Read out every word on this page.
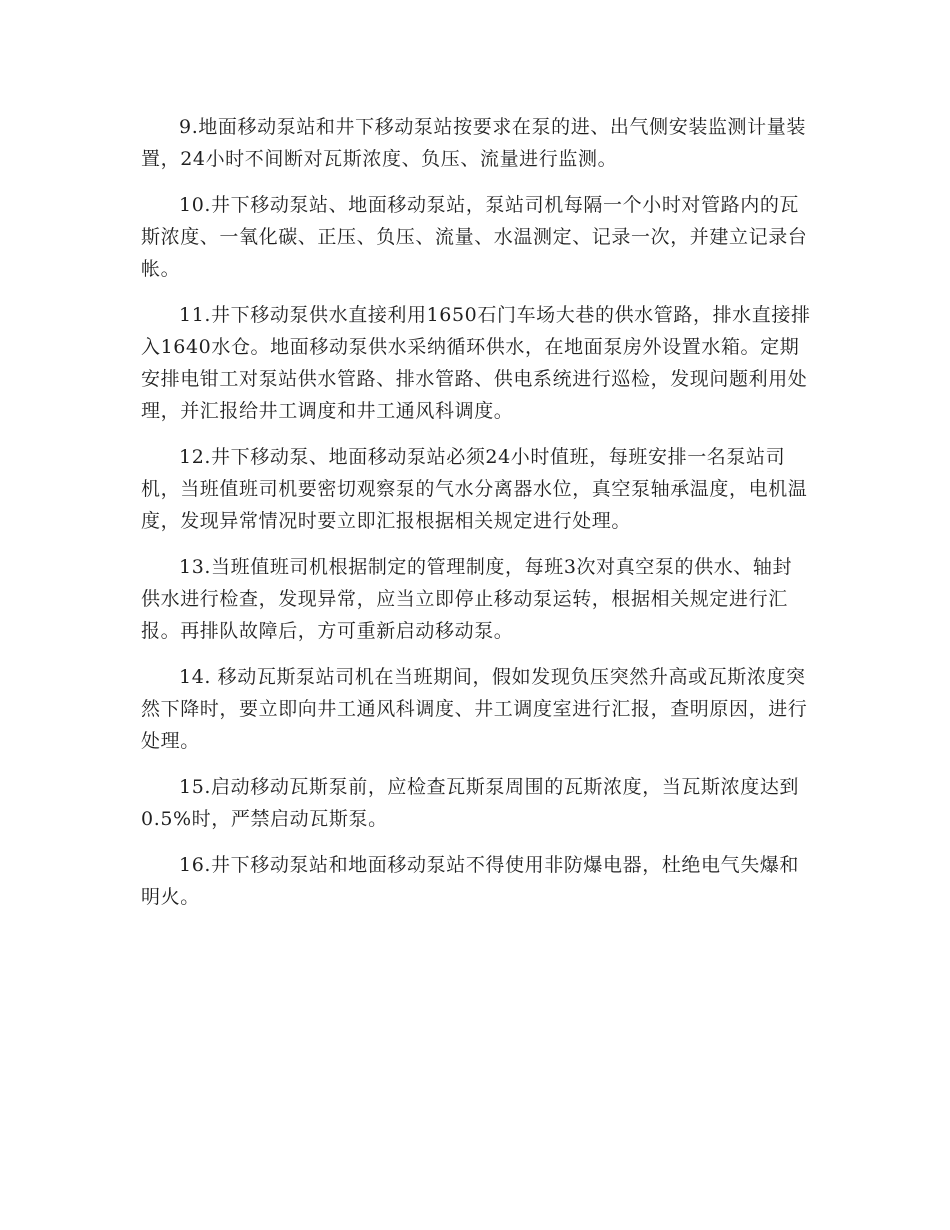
9.地面移动泵站和井下移动泵站按要求在泵的进、出气侧安装监测计量装置，24小时不间断对瓦斯浓度、负压、流量进行监测。

10.井下移动泵站、地面移动泵站，泵站司机每隔一个小时对管路内的瓦斯浓度、一氧化碳、正压、负压、流量、水温测定、记录一次，并建立记录台帐。

11.井下移动泵供水直接利用1650石门车场大巷的供水管路，排水直接排入1640水仓。地面移动泵供水采纳循环供水，在地面泵房外设置水箱。定期安排电钳工对泵站供水管路、排水管路、供电系统进行巡检，发现问题利用处理，并汇报给井工调度和井工通风科调度。

12.井下移动泵、地面移动泵站必须24小时值班，每班安排一名泵站司机，当班值班司机要密切观察泵的气水分离器水位，真空泵轴承温度，电机温度，发现异常情况时要立即汇报根据相关规定进行处理。

13.当班值班司机根据制定的管理制度，每班3次对真空泵的供水、轴封供水进行检查，发现异常，应当立即停止移动泵运转，根据相关规定进行汇报。再排队故障后，方可重新启动移动泵。

14. 移动瓦斯泵站司机在当班期间，假如发现负压突然升高或瓦斯浓度突然下降时，要立即向井工通风科调度、井工调度室进行汇报，查明原因，进行处理。

15.启动移动瓦斯泵前，应检查瓦斯泵周围的瓦斯浓度，当瓦斯浓度达到0.5%时，严禁启动瓦斯泵。

16.井下移动泵站和地面移动泵站不得使用非防爆电器，杜绝电气失爆和明火。
